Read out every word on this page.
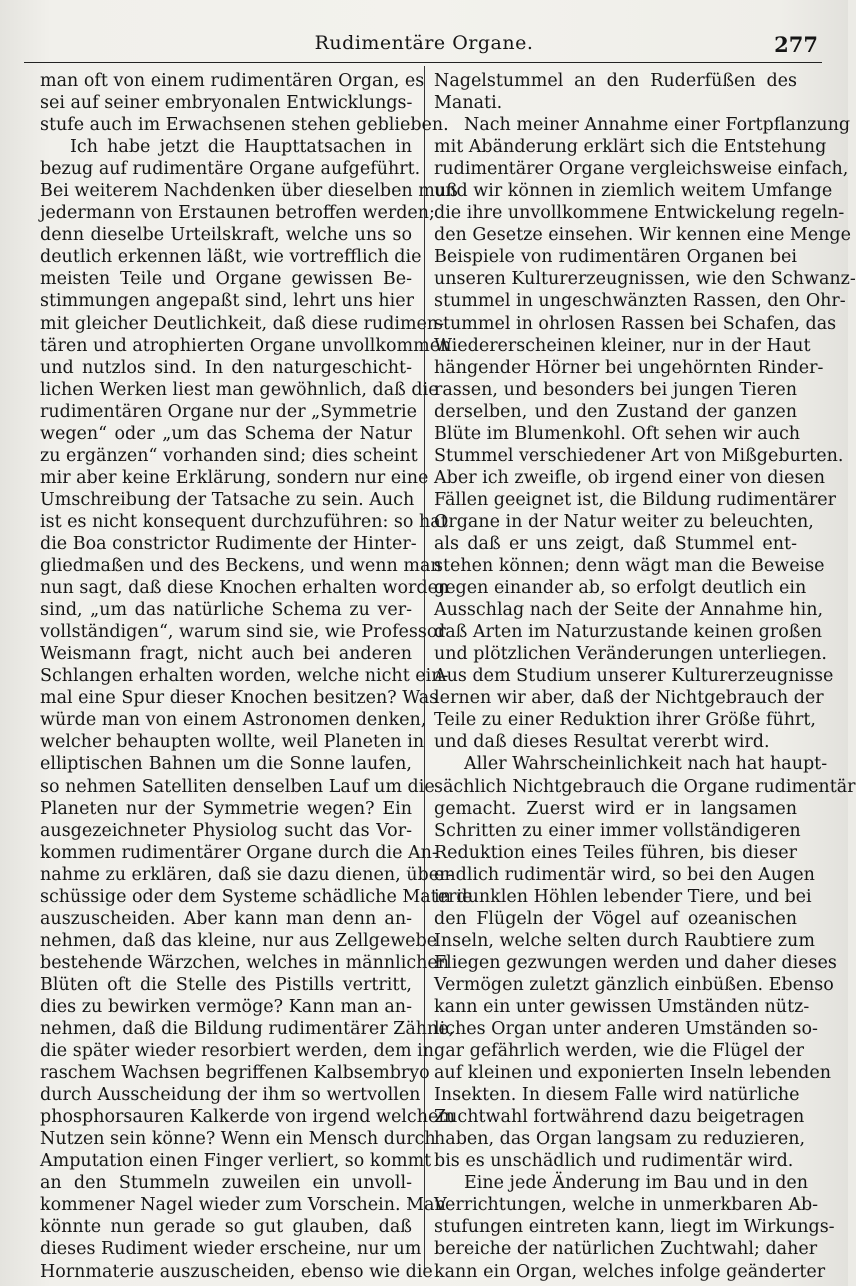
Rudimentäre Organe.	277
man oft von einem rudimentären Organ, es
sei auf seiner embryonalen Entwicklungs-
stufe auch im Erwachsenen stehen geblieben.
Ich habe jetzt die Haupttatsachen in
bezug auf rudimentäre Organe aufgeführt.
Bei weiterem Nachdenken über dieselben muß
jedermann von Erstaunen betroffen werden;
denn dieselbe Urteilskraft, welche uns so
deutlich erkennen läßt, wie vortrefflich die
meisten Teile und Organe gewissen Be-
stimmungen angepaßt sind, lehrt uns hier
mit gleicher Deutlichkeit, daß diese rudimen-
tären und atrophierten Organe unvollkommen
und nutzlos sind. In den naturgeschicht-
lichen Werken liest man gewöhnlich, daß die
rudimentären Organe nur der „Symmetrie
wegen“ oder „um das Schema der Natur
zu ergänzen“ vorhanden sind; dies scheint
mir aber keine Erklärung, sondern nur eine
Umschreibung der Tatsache zu sein. Auch
ist es nicht konsequent durchzuführen: so hat
die Boa constrictor Rudimente der Hinter-
gliedmaßen und des Beckens, und wenn man
nun sagt, daß diese Knochen erhalten worden
sind, „um das natürliche Schema zu ver-
vollständigen“, warum sind sie, wie Professor
Weismann fragt, nicht auch bei anderen
Schlangen erhalten worden, welche nicht ein-
mal eine Spur dieser Knochen besitzen? Was
würde man von einem Astronomen denken,
welcher behaupten wollte, weil Planeten in
elliptischen Bahnen um die Sonne laufen,
so nehmen Satelliten denselben Lauf um die
Planeten nur der Symmetrie wegen? Ein
ausgezeichneter Physiolog sucht das Vor-
kommen rudimentärer Organe durch die An-
nahme zu erklären, daß sie dazu dienen, über-
schüssige oder dem Systeme schädliche Materie
auszuscheiden. Aber kann man denn an-
nehmen, daß das kleine, nur aus Zellgewebe
bestehende Wärzchen, welches in männlichen
Blüten oft die Stelle des Pistills vertritt,
dies zu bewirken vermöge? Kann man an-
nehmen, daß die Bildung rudimentärer Zähne,
die später wieder resorbiert werden, dem in
raschem Wachsen begriffenen Kalbsembryo
durch Ausscheidung der ihm so wertvollen
phosphorsauren Kalkerde von irgend welchem
Nutzen sein könne? Wenn ein Mensch durch
Amputation einen Finger verliert, so kommt
an den Stummeln zuweilen ein unvoll-
kommener Nagel wieder zum Vorschein. Man
könnte nun gerade so gut glauben, daß
dieses Rudiment wieder erscheine, nur um
Hornmaterie auszuscheiden, ebenso wie die
Nagelstummel an den Ruderfüßen des
Manati.
Nach meiner Annahme einer Fortpflanzung
mit Abänderung erklärt sich die Entstehung
rudimentärer Organe vergleichsweise einfach,
und wir können in ziemlich weitem Umfange
die ihre unvollkommene Entwickelung regeln-
den Gesetze einsehen. Wir kennen eine Menge
Beispiele von rudimentären Organen bei
unseren Kulturerzeugnissen, wie den Schwanz-
stummel in ungeschwänzten Rassen, den Ohr-
stummel in ohrlosen Rassen bei Schafen, das
Wiedererscheinen kleiner, nur in der Haut
hängender Hörner bei ungehörnten Rinder-
rassen, und besonders bei jungen Tieren
derselben, und den Zustand der ganzen
Blüte im Blumenkohl. Oft sehen wir auch
Stummel verschiedener Art von Mißgeburten.
Aber ich zweifle, ob irgend einer von diesen
Fällen geeignet ist, die Bildung rudimentärer
Organe in der Natur weiter zu beleuchten,
als daß er uns zeigt, daß Stummel ent-
stehen können; denn wägt man die Beweise
gegen einander ab, so erfolgt deutlich ein
Ausschlag nach der Seite der Annahme hin,
daß Arten im Naturzustande keinen großen
und plötzlichen Veränderungen unterliegen.
Aus dem Studium unserer Kulturerzeugnisse
lernen wir aber, daß der Nichtgebrauch der
Teile zu einer Reduktion ihrer Größe führt,
und daß dieses Resultat vererbt wird.
Aller Wahrscheinlichkeit nach hat haupt-
sächlich Nichtgebrauch die Organe rudimentär
gemacht. Zuerst wird er in langsamen
Schritten zu einer immer vollständigeren
Reduktion eines Teiles führen, bis dieser
endlich rudimentär wird, so bei den Augen
in dunklen Höhlen lebender Tiere, und bei
den Flügeln der Vögel auf ozeanischen
Inseln, welche selten durch Raubtiere zum
Fliegen gezwungen werden und daher dieses
Vermögen zuletzt gänzlich einbüßen. Ebenso
kann ein unter gewissen Umständen nütz-
liches Organ unter anderen Umständen so-
gar gefährlich werden, wie die Flügel der
auf kleinen und exponierten Inseln lebenden
Insekten. In diesem Falle wird natürliche
Zuchtwahl fortwährend dazu beigetragen
haben, das Organ langsam zu reduzieren,
bis es unschädlich und rudimentär wird.
Eine jede Änderung im Bau und in den
Verrichtungen, welche in unmerkbaren Ab-
stufungen eintreten kann, liegt im Wirkungs-
bereiche der natürlichen Zuchtwahl; daher
kann ein Organ, welches infolge geänderter
